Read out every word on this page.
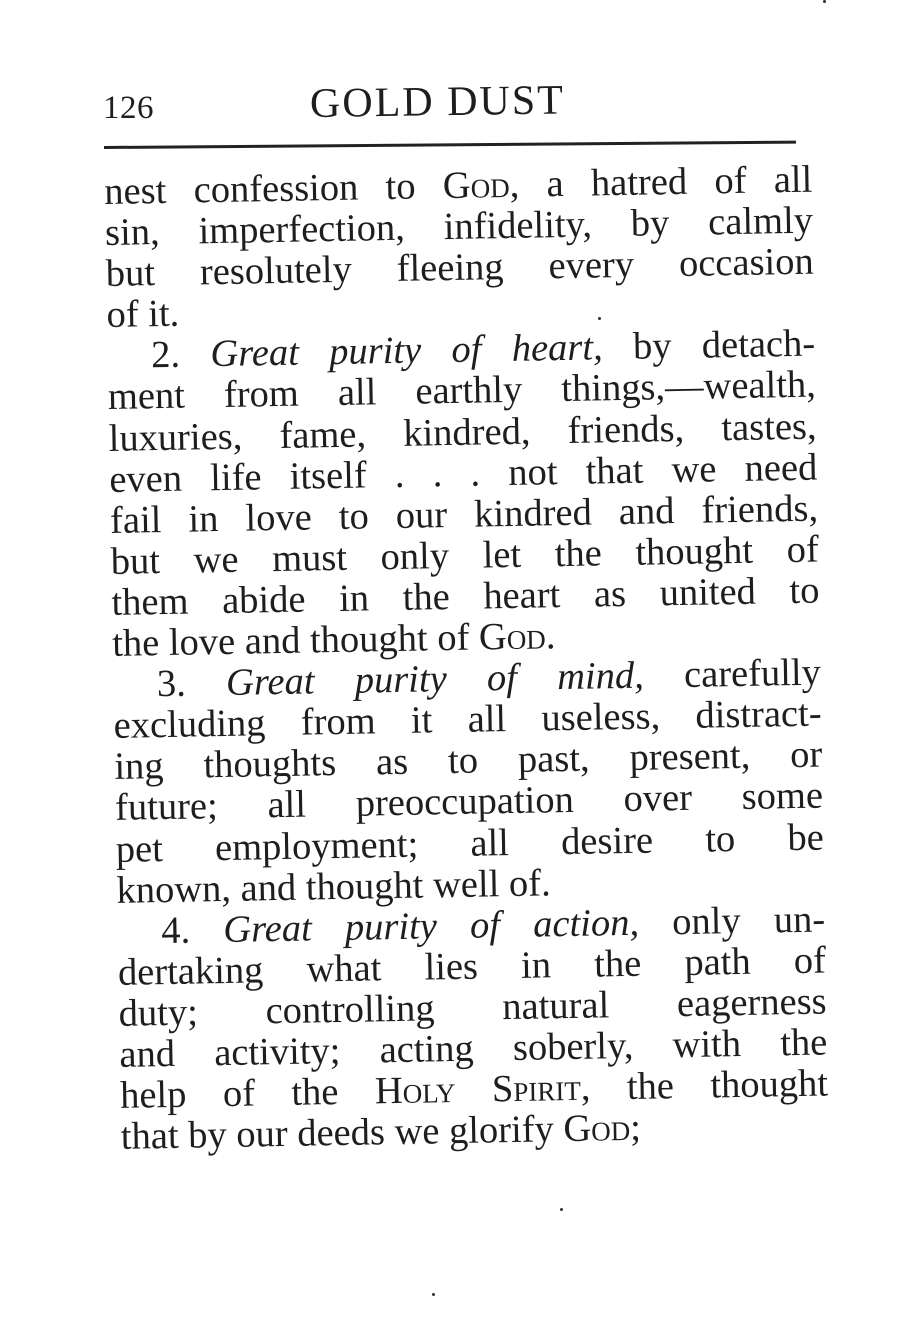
126	GOLD DUST
nest confession to God, a hatred of all
sin, imperfection, infidelity, by calmly
but resolutely fleeing every occasion
of it.
2. Great purity of heart, by detach-
ment from all earthly things,—wealth,
luxuries, fame, kindred, friends, tastes,
even life itself . . . not that we need
fail in love to our kindred and friends,
but we must only let the thought of
them abide in the heart as united to
the love and thought of God.
3. Great purity of mind, carefully
excluding from it all useless, distract-
ing thoughts as to past, present, or
future; all preoccupation over some
pet employment; all desire to be
known, and thought well of.
4. Great purity of action, only un-
dertaking what lies in the path of
duty; controlling natural eagerness
and activity; acting soberly, with the
help of the Holy Spirit, the thought
that by our deeds we glorify God;
